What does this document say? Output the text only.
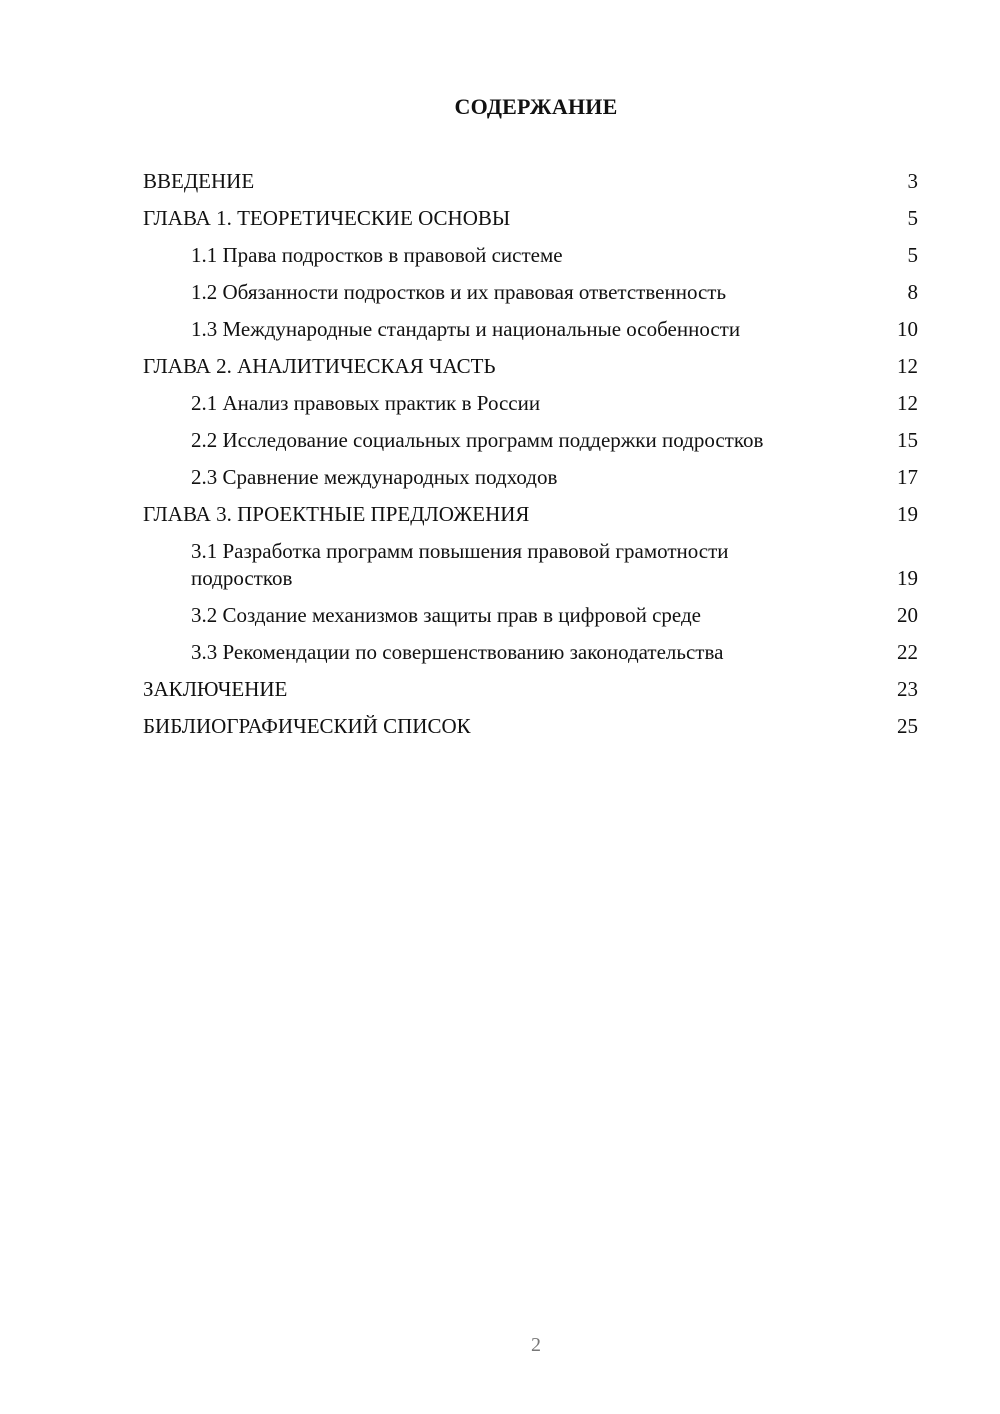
СОДЕРЖАНИЕ
ВВЕДЕНИЕ	3
ГЛАВА 1. ТЕОРЕТИЧЕСКИЕ ОСНОВЫ	5
1.1 Права подростков в правовой системе	5
1.2 Обязанности подростков и их правовая ответственность	8
1.3 Международные стандарты и национальные особенности	10
ГЛАВА 2. АНАЛИТИЧЕСКАЯ ЧАСТЬ	12
2.1 Анализ правовых практик в России	12
2.2 Исследование социальных программ поддержки подростков	15
2.3 Сравнение международных подходов	17
ГЛАВА 3. ПРОЕКТНЫЕ ПРЕДЛОЖЕНИЯ	19
3.1 Разработка программ повышения правовой грамотности подростков	19
3.2 Создание механизмов защиты прав в цифровой среде	20
3.3 Рекомендации по совершенствованию законодательства	22
ЗАКЛЮЧЕНИЕ	23
БИБЛИОГРАФИЧЕСКИЙ СПИСОК	25
2
